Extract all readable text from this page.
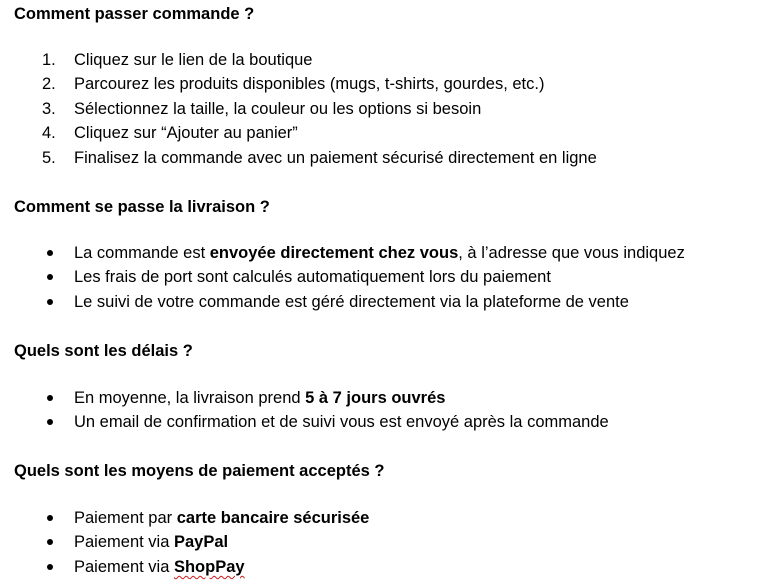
Comment passer commande ?
1.	Cliquez sur le lien de la boutique
2.	Parcourez les produits disponibles (mugs, t-shirts, gourdes, etc.)
3.	Sélectionnez la taille, la couleur ou les options si besoin
4.	Cliquez sur “Ajouter au panier”
5.	Finalisez la commande avec un paiement sécurisé directement en ligne
Comment se passe la livraison ?
La commande est envoyée directement chez vous, à l’adresse que vous indiquez
Les frais de port sont calculés automatiquement lors du paiement
Le suivi de votre commande est géré directement via la plateforme de vente
Quels sont les délais ?
En moyenne, la livraison prend 5 à 7 jours ouvrés
Un email de confirmation et de suivi vous est envoyé après la commande
Quels sont les moyens de paiement acceptés ?
Paiement par carte bancaire sécurisée
Paiement via PayPal
Paiement via ShopPay
